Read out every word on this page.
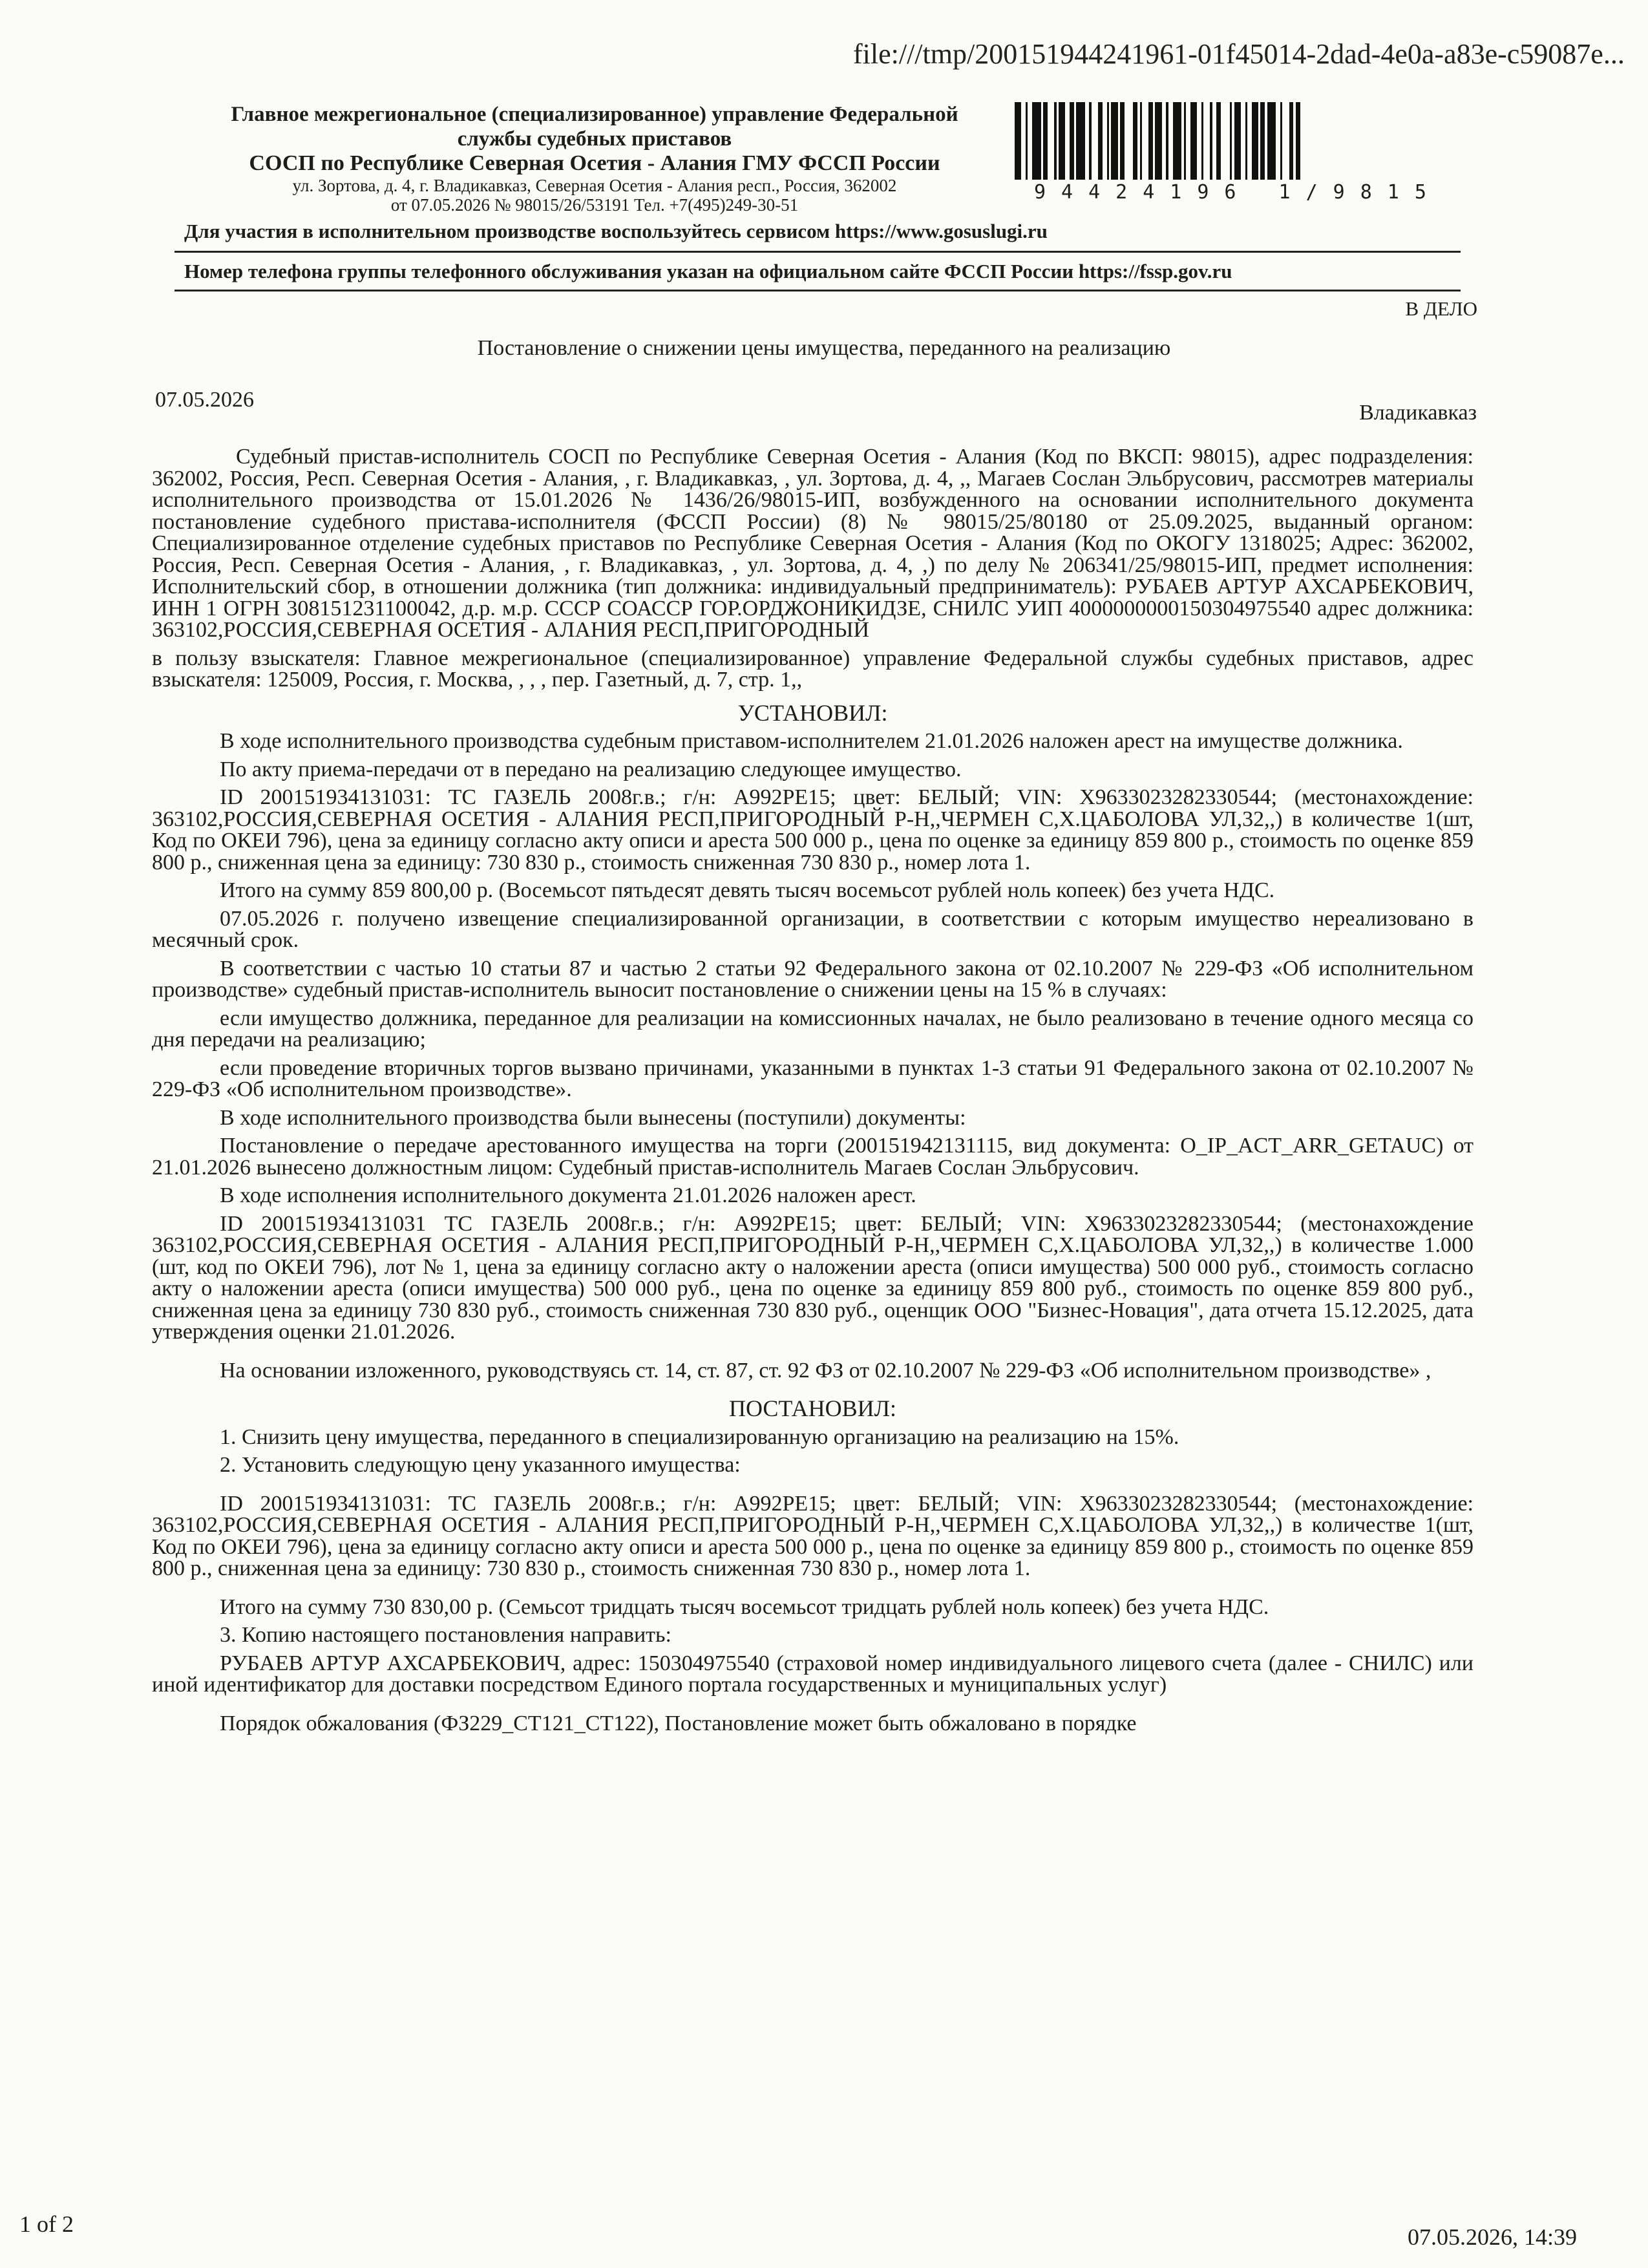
file:///tmp/200151944241961-01f45014-2dad-4e0a-a83e-c59087e...
Главное межрегиональное (специализированное) управление Федеральной
службы судебных приставов
СОСП по Республике Северная Осетия - Алания ГМУ ФССП России
ул. Зортова, д. 4, г. Владикавказ, Северная Осетия - Алания респ., Россия, 362002
от 07.05.2026 № 98015/26/53191 Тел. +7(495)249-30-51
94424196 1/9815
Для участия в исполнительном производстве воспользуйтесь сервисом https://www.gosuslugi.ru
Номер телефона группы телефонного обслуживания указан на официальном сайте ФССП России https://fssp.gov.ru
В ДЕЛО
Постановление о снижении цены имущества, переданного на реализацию
07.05.2026
Владикавказ

Судебный пристав-исполнитель СОСП по Республике Северная Осетия - Алания (Код по ВКСП: 98015), адрес подразделения: 362002, Россия, Респ. Северная Осетия - Алания, , г. Владикавказ, , ул. Зортова, д. 4, ,, Магаев Сослан Эльбрусович, рассмотрев материалы исполнительного производства от 15.01.2026 № 1436/26/98015-ИП, возбужденного на основании исполнительного документа постановление судебного пристава-исполнителя (ФССП России) (8) № 98015/25/80180 от 25.09.2025, выданный органом: Специализированное отделение судебных приставов по Республике Северная Осетия - Алания (Код по ОКОГУ 1318025; Адрес: 362002, Россия, Респ. Северная Осетия - Алания, , г. Владикавказ, , ул. Зортова, д. 4, ,) по делу № 206341/25/98015-ИП, предмет исполнения: Исполнительский сбор, в отношении должника (тип должника: индивидуальный предприниматель): РУБАЕВ АРТУР АХСАРБЕКОВИЧ, ИНН 1 ОГРН 308151231100042, д.р. м.р. СССР СОАССР ГОР.ОРДЖОНИКИДЗЕ, СНИЛС УИП 4000000000150304975540 адрес должника: 363102,РОССИЯ,СЕВЕРНАЯ ОСЕТИЯ - АЛАНИЯ РЕСП,ПРИГОРОДНЫЙ

в пользу взыскателя: Главное межрегиональное (специализированное) управление Федеральной службы судебных приставов, адрес взыскателя: 125009, Россия, г. Москва, , , , пер. Газетный, д. 7, стр. 1,,

УСТАНОВИЛ:

В ходе исполнительного производства судебным приставом-исполнителем 21.01.2026 наложен арест на имуществе должника.

По акту приема-передачи от в передано на реализацию следующее имущество.

ID 200151934131031: ТС ГАЗЕЛЬ 2008г.в.; г/н: А992РЕ15; цвет: БЕЛЫЙ; VIN: X9633023282330544; (местонахождение: 363102,РОССИЯ,СЕВЕРНАЯ ОСЕТИЯ - АЛАНИЯ РЕСП,ПРИГОРОДНЫЙ Р-Н,,ЧЕРМЕН С,Х.ЦАБОЛОВА УЛ,32,,) в количестве 1(шт, Код по ОКЕИ 796), цена за единицу согласно акту описи и ареста 500 000 р., цена по оценке за единицу 859 800 р., стоимость по оценке 859 800 р., сниженная цена за единицу: 730 830 р., стоимость сниженная 730 830 р., номер лота 1.

Итого на сумму 859 800,00 р. (Восемьсот пятьдесят девять тысяч восемьсот рублей ноль копеек) без учета НДС.

07.05.2026 г. получено извещение специализированной организации, в соответствии с которым имущество нереализовано в месячный срок.

В соответствии с частью 10 статьи 87 и частью 2 статьи 92 Федерального закона от 02.10.2007 № 229-ФЗ «Об исполнительном производстве» судебный пристав-исполнитель выносит постановление о снижении цены на 15 % в случаях:

если имущество должника, переданное для реализации на комиссионных началах, не было реализовано в течение одного месяца со дня передачи на реализацию;

если проведение вторичных торгов вызвано причинами, указанными в пунктах 1-3 статьи 91 Федерального закона от 02.10.2007 № 229-ФЗ «Об исполнительном производстве».

В ходе исполнительного производства были вынесены (поступили) документы:

Постановление о передаче арестованного имущества на торги (200151942131115, вид документа: O_IP_ACT_ARR_GETAUC) от 21.01.2026 вынесено должностным лицом: Судебный пристав-исполнитель Магаев Сослан Эльбрусович.

В ходе исполнения исполнительного документа 21.01.2026 наложен арест.

ID 200151934131031 ТС ГАЗЕЛЬ 2008г.в.; г/н: А992РЕ15; цвет: БЕЛЫЙ; VIN: X9633023282330544; (местонахождение 363102,РОССИЯ,СЕВЕРНАЯ ОСЕТИЯ - АЛАНИЯ РЕСП,ПРИГОРОДНЫЙ Р-Н,,ЧЕРМЕН С,Х.ЦАБОЛОВА УЛ,32,,) в количестве 1.000 (шт, код по ОКЕИ 796), лот № 1, цена за единицу согласно акту о наложении ареста (описи имущества) 500 000 руб., стоимость согласно акту о наложении ареста (описи имущества) 500 000 руб., цена по оценке за единицу 859 800 руб., стоимость по оценке 859 800 руб., сниженная цена за единицу 730 830 руб., стоимость сниженная 730 830 руб., оценщик ООО "Бизнес-Новация", дата отчета 15.12.2025, дата утверждения оценки 21.01.2026.

На основании изложенного, руководствуясь ст. 14, ст. 87, ст. 92 ФЗ от 02.10.2007 № 229-ФЗ «Об исполнительном производстве» ,

ПОСТАНОВИЛ:

1. Снизить цену имущества, переданного в специализированную организацию на реализацию на 15%.

2. Установить следующую цену указанного имущества:

ID 200151934131031: ТС ГАЗЕЛЬ 2008г.в.; г/н: А992РЕ15; цвет: БЕЛЫЙ; VIN: X9633023282330544; (местонахождение: 363102,РОССИЯ,СЕВЕРНАЯ ОСЕТИЯ - АЛАНИЯ РЕСП,ПРИГОРОДНЫЙ Р-Н,,ЧЕРМЕН С,Х.ЦАБОЛОВА УЛ,32,,) в количестве 1(шт, Код по ОКЕИ 796), цена за единицу согласно акту описи и ареста 500 000 р., цена по оценке за единицу 859 800 р., стоимость по оценке 859 800 р., сниженная цена за единицу: 730 830 р., стоимость сниженная 730 830 р., номер лота 1.

Итого на сумму 730 830,00 р. (Семьсот тридцать тысяч восемьсот тридцать рублей ноль копеек) без учета НДС.

3. Копию настоящего постановления направить:

РУБАЕВ АРТУР АХСАРБЕКОВИЧ, адрес: 150304975540 (страховой номер индивидуального лицевого счета (далее - СНИЛС) или иной идентификатор для доставки посредством Единого портала государственных и муниципальных услуг)

Порядок обжалования (ФЗ229_СТ121_СТ122), Постановление может быть обжаловано в порядке

1 of 2	07.05.2026, 14:39
